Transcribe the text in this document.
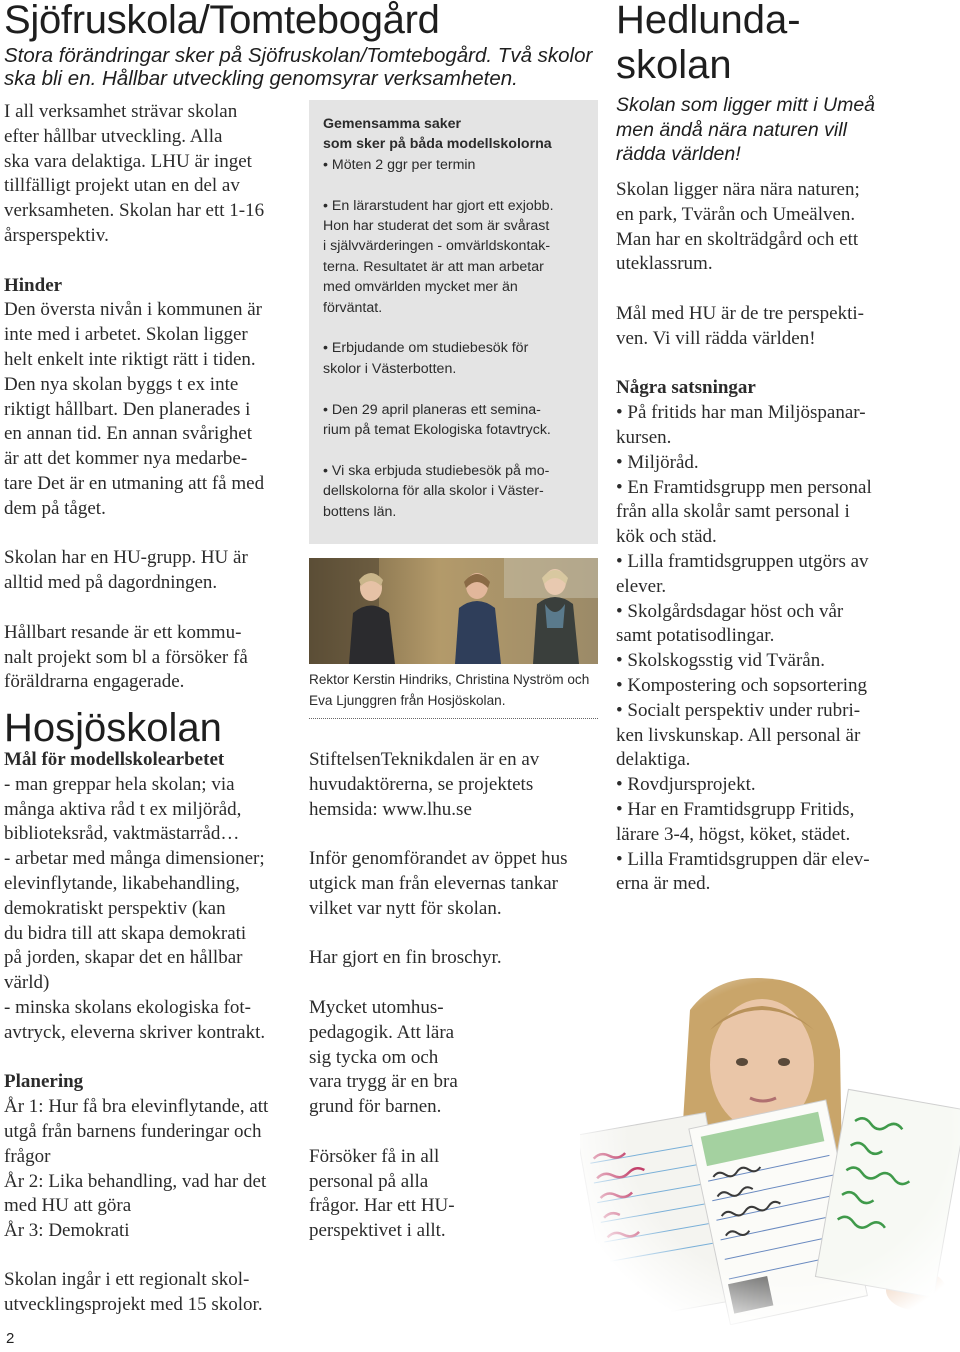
Sjöfruskola/Tomtebogård
Stora förändringar sker på Sjöfruskolan/Tomtebogård. Två skolor ska bli en. Hållbar utveckling genomsyrar verksamheten.

I all verksamhet strävar skolan
efter hållbar utveckling. Alla
ska vara delaktiga. LHU är inget
tillfälligt projekt utan en del av
verksamheten. Skolan har ett 1-16
årsperspektiv.

Hinder

Den översta nivån i kommunen är
inte med i arbetet. Skolan ligger
helt enkelt inte riktigt rätt i tiden.
Den nya skolan byggs t ex inte
riktigt hållbart. Den planerades i
en annan tid. En annan svårighet
är att det kommer nya medarbe-
tare Det är en utmaning att få med
dem på tåget.

Skolan har en HU-grupp. HU är
alltid med på dagordningen.

Hållbart resande är ett kommu-
nalt projekt som bl a försöker få
föräldrarna engagerade.

Hosjöskolan

Mål för modellskolearbetet

- man greppar hela skolan; via
många aktiva råd t ex miljöråd,
biblioteksråd, vaktmästarråd…
- arbetar med många dimensioner;
elevinflytande, likabehandling,
demokratiskt perspektiv (kan
du bidra till att skapa demokrati
på jorden, skapar det en hållbar
värld)
- minska skolans ekologiska fot-
avtryck, eleverna skriver kontrakt.

Planering

År 1: Hur få bra elevinflytande, att
utgå från barnens funderingar och
frågor
År 2: Lika behandling, vad har det
med HU att göra
År 3: Demokrati

Skolan ingår i ett regionalt skol-
utvecklingsprojekt med 15 skolor.

Gemensamma saker
som sker på båda modellskolorna

• Möten 2 ggr per termin

• En lärarstudent har gjort ett exjobb.
Hon har studerat det som är svårast
i självvärderingen - omvärldskontak-
terna. Resultatet är att man arbetar
med omvärlden mycket mer än
förväntat.

• Erbjudande om studiebesök för
skolor i Västerbotten.

• Den 29 april planeras ett semina-
rium på temat Ekologiska fotavtryck.

• Vi ska erbjuda studiebesök på mo-
dellskolorna för alla skolor i Väster-
bottens län.

Rektor Kerstin Hindriks, Christina Nyström och
Eva Ljunggren från Hosjöskolan.

StiftelsenTeknikdalen är en av
huvudaktörerna, se projektets
hemsida: www.lhu.se

Inför genomförandet av öppet hus
utgick man från elevernas tankar
vilket var nytt för skolan.

Har gjort en fin broschyr.

Mycket utomhus-
pedagogik. Att lära
sig tycka om och
vara trygg är en bra
grund för barnen.

Försöker få in all
personal på alla
frågor. Har ett HU-
perspektivet i allt.

Hedlunda-
skolan
Skolan som ligger mitt i Umeå
men ändå nära naturen vill
rädda världen!

Skolan ligger nära nära naturen;
en park, Tvärån och Umeälven.
Man har en skolträdgård och ett
uteklassrum.

Mål med HU är de tre perspekti-
ven. Vi vill rädda världen!

Några satsningar

• På fritids har man Miljöspanar-
kursen.
• Miljöråd.
• En Framtidsgrupp men personal
från alla skolår samt personal i
kök och städ.
• Lilla framtidsgruppen utgörs av
elever.
• Skolgårdsdagar höst och vår
samt potatisodlingar.
• Skolskogsstig vid Tvärån.
• Kompostering och sopsortering
• Socialt perspektiv under rubri-
ken livskunskap. All personal är
delaktiga.
• Rovdjursprojekt.
• Har en Framtidsgrupp Fritids,
lärare 3-4, högst, köket, städet.
• Lilla Framtidsgruppen där elev-
erna är med.

2
